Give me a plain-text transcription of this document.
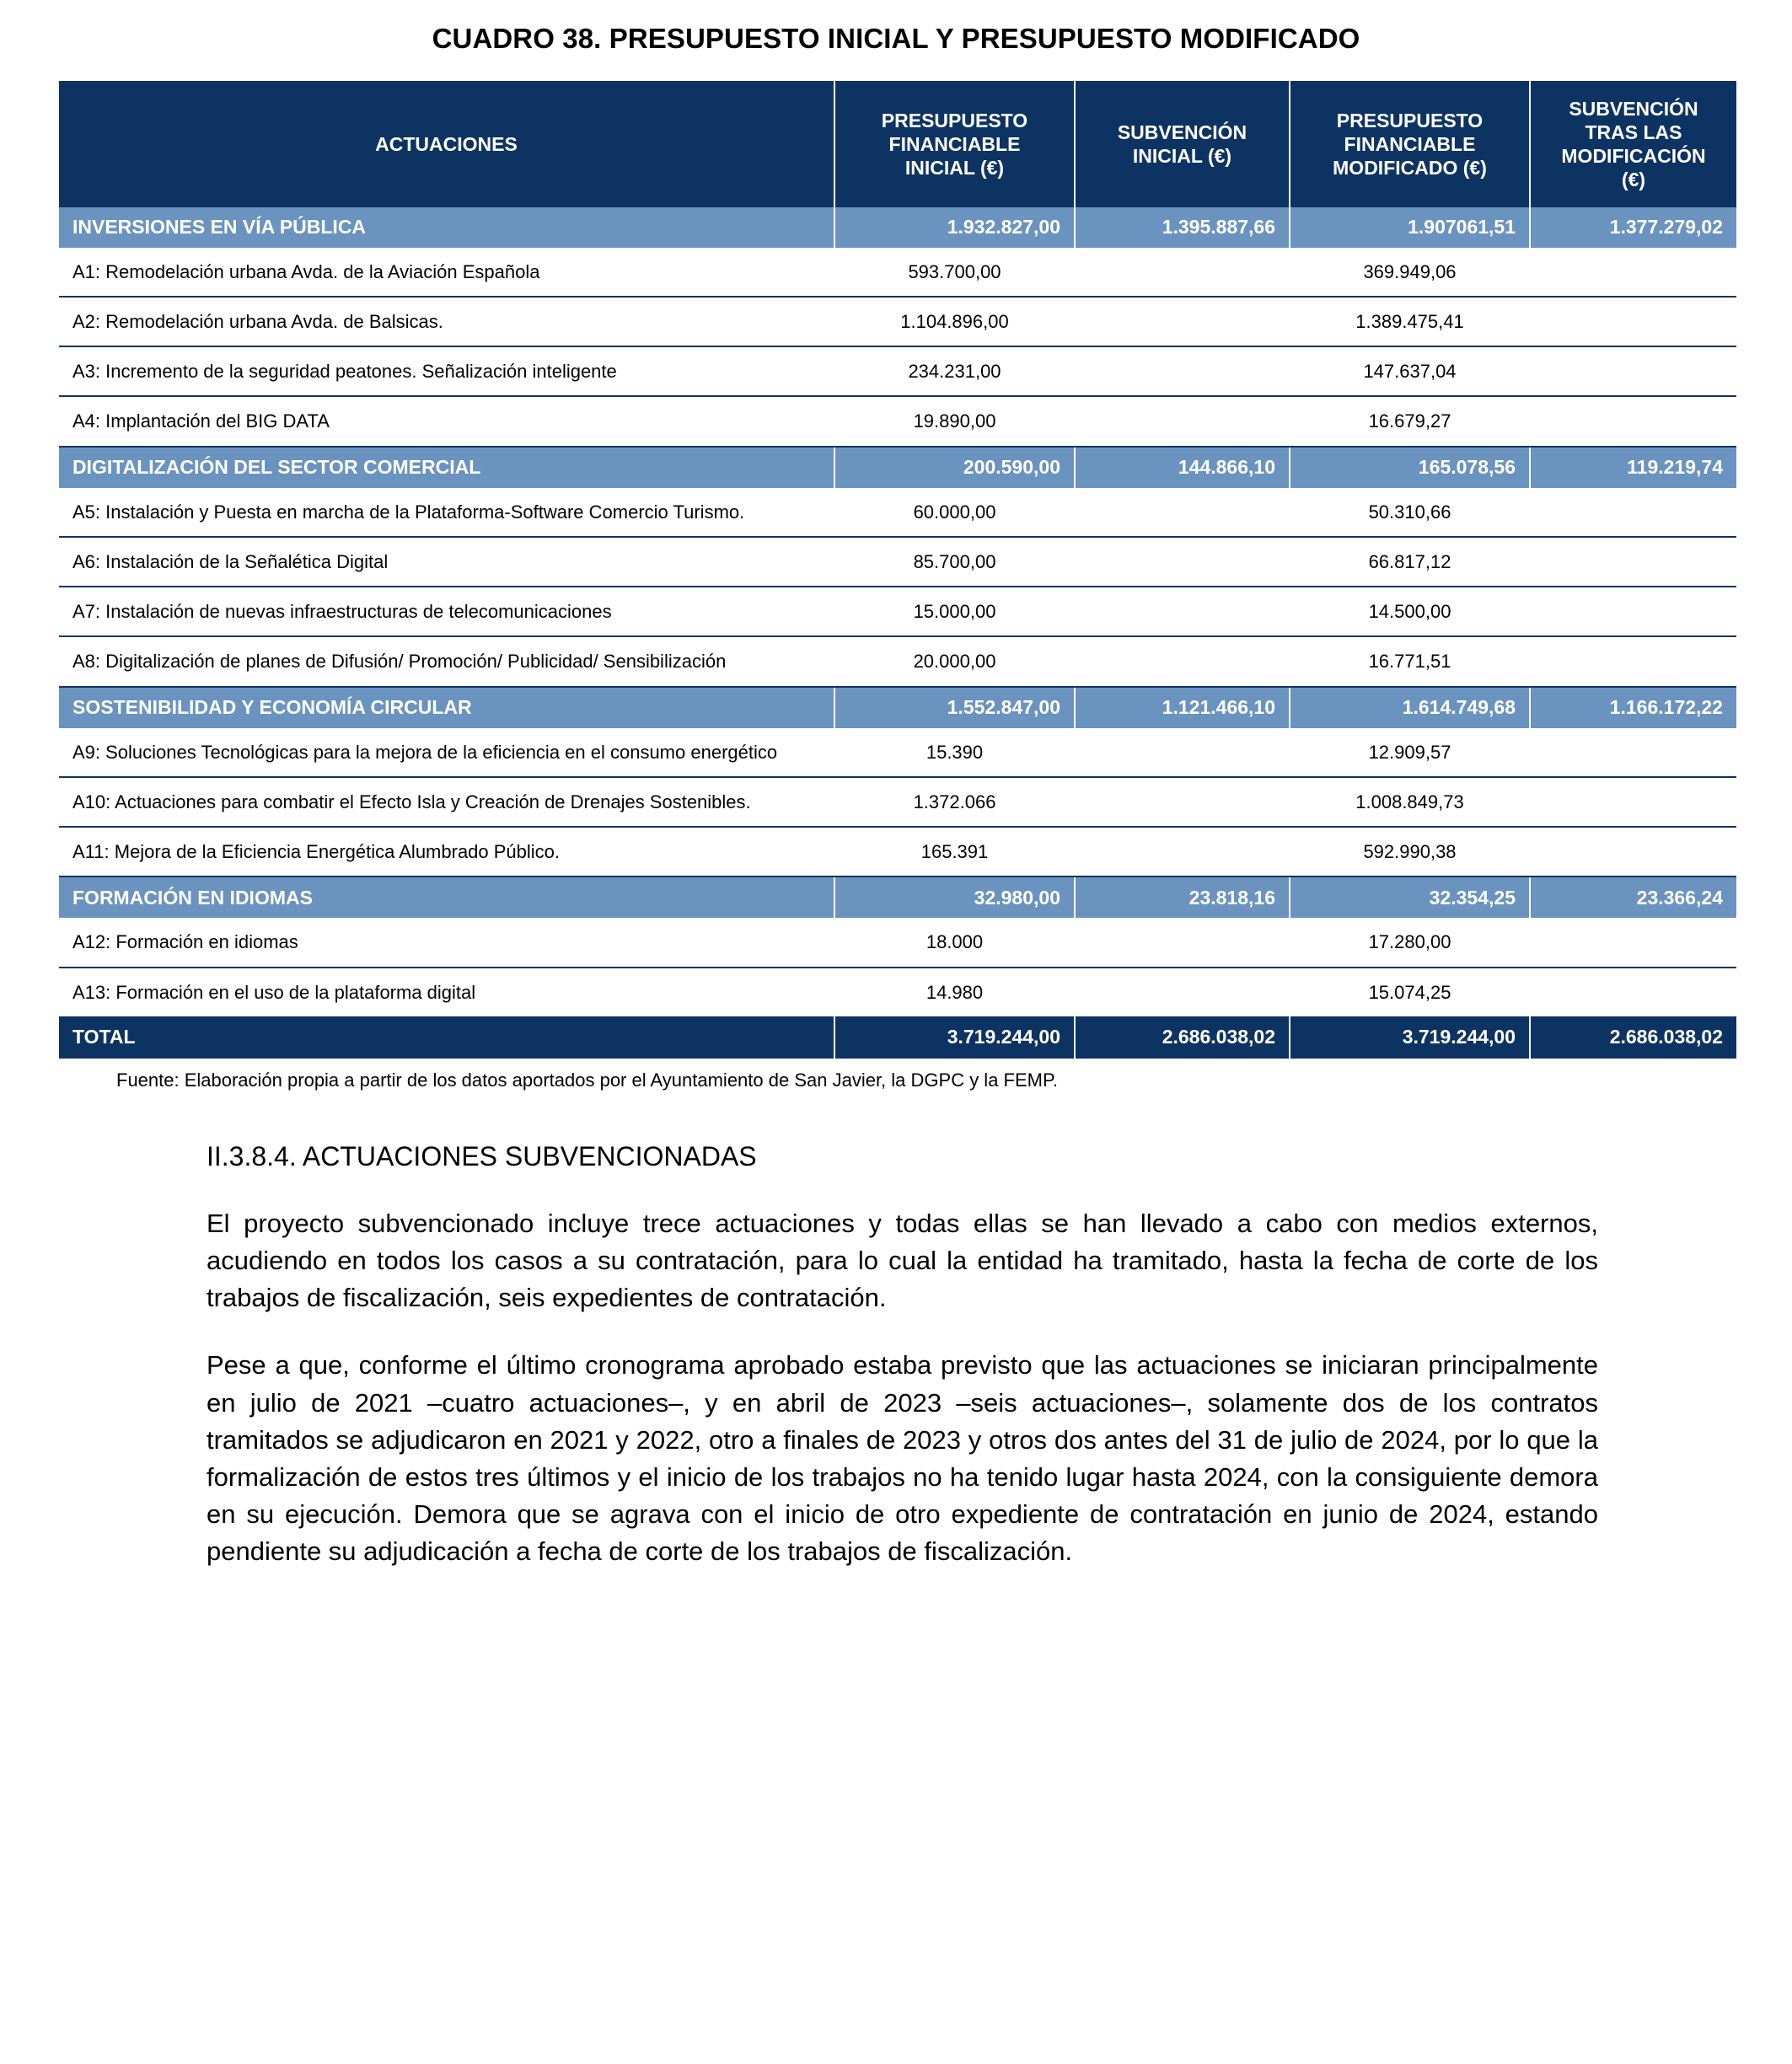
CUADRO 38. PRESUPUESTO INICIAL Y PRESUPUESTO MODIFICADO
ACTUACIONES	
PRESUPUESTO
FINANCIABLE
INICIAL (€)

SUBVENCIÓN
INICIAL (€)

PRESUPUESTO
FINANCIABLE
MODIFICADO (€)

SUBVENCIÓN
TRAS LAS
MODIFICACIÓN
(€)

INVERSIONES EN VÍA PÚBLICA	1.932.827,00	1.395.887,66	1.907061,51	1.377.279,02
A1: Remodelación urbana Avda. de la Aviación Española	593.700,00		369.949,06	
A2: Remodelación urbana Avda. de Balsicas.	1.104.896,00		1.389.475,41	
A3: Incremento de la seguridad peatones. Señalización inteligente	234.231,00		147.637,04	
A4: Implantación del BIG DATA	19.890,00		16.679,27	
DIGITALIZACIÓN DEL SECTOR COMERCIAL	200.590,00	144.866,10	165.078,56	119.219,74
A5: Instalación y Puesta en marcha de la Plataforma-Software Comercio Turismo.	60.000,00		50.310,66	
A6: Instalación de la Señalética Digital	85.700,00		66.817,12	
A7: Instalación de nuevas infraestructuras de telecomunicaciones	15.000,00		14.500,00	
A8: Digitalización de planes de Difusión/ Promoción/ Publicidad/ Sensibilización	20.000,00		16.771,51	
SOSTENIBILIDAD Y ECONOMÍA CIRCULAR	1.552.847,00	1.121.466,10	1.614.749,68	1.166.172,22
A9: Soluciones Tecnológicas para la mejora de la eficiencia en el consumo energético	15.390		12.909,57	
A10: Actuaciones para combatir el Efecto Isla y Creación de Drenajes Sostenibles.	1.372.066		1.008.849,73	
A11: Mejora de la Eficiencia Energética Alumbrado Público.	165.391		592.990,38	
FORMACIÓN EN IDIOMAS	32.980,00	23.818,16	32.354,25	23.366,24
A12: Formación en idiomas	18.000		17.280,00	
A13: Formación en el uso de la plataforma digital	14.980		15.074,25	
TOTAL	3.719.244,00	2.686.038,02	3.719.244,00	2.686.038,02
Fuente: Elaboración propia a partir de los datos aportados por el Ayuntamiento de San Javier, la DGPC y la FEMP.
II.3.8.4. ACTUACIONES SUBVENCIONADAS

El proyecto subvencionado incluye trece actuaciones y todas ellas se han llevado a cabo con medios externos, acudiendo en todos los casos a su contratación, para lo cual la entidad ha tramitado, hasta la fecha de corte de los trabajos de fiscalización, seis expedientes de contratación.

Pese a que, conforme el último cronograma aprobado estaba previsto que las actuaciones se iniciaran principalmente en julio de 2021 –cuatro actuaciones–, y en abril de 2023 –seis actuaciones–, solamente dos de los contratos tramitados se adjudicaron en 2021 y 2022, otro a finales de 2023 y otros dos antes del 31 de julio de 2024, por lo que la formalización de estos tres últimos y el inicio de los trabajos no ha tenido lugar hasta 2024, con la consiguiente demora en su ejecución. Demora que se agrava con el inicio de otro expediente de contratación en junio de 2024, estando pendiente su adjudicación a fecha de corte de los trabajos de fiscalización.
